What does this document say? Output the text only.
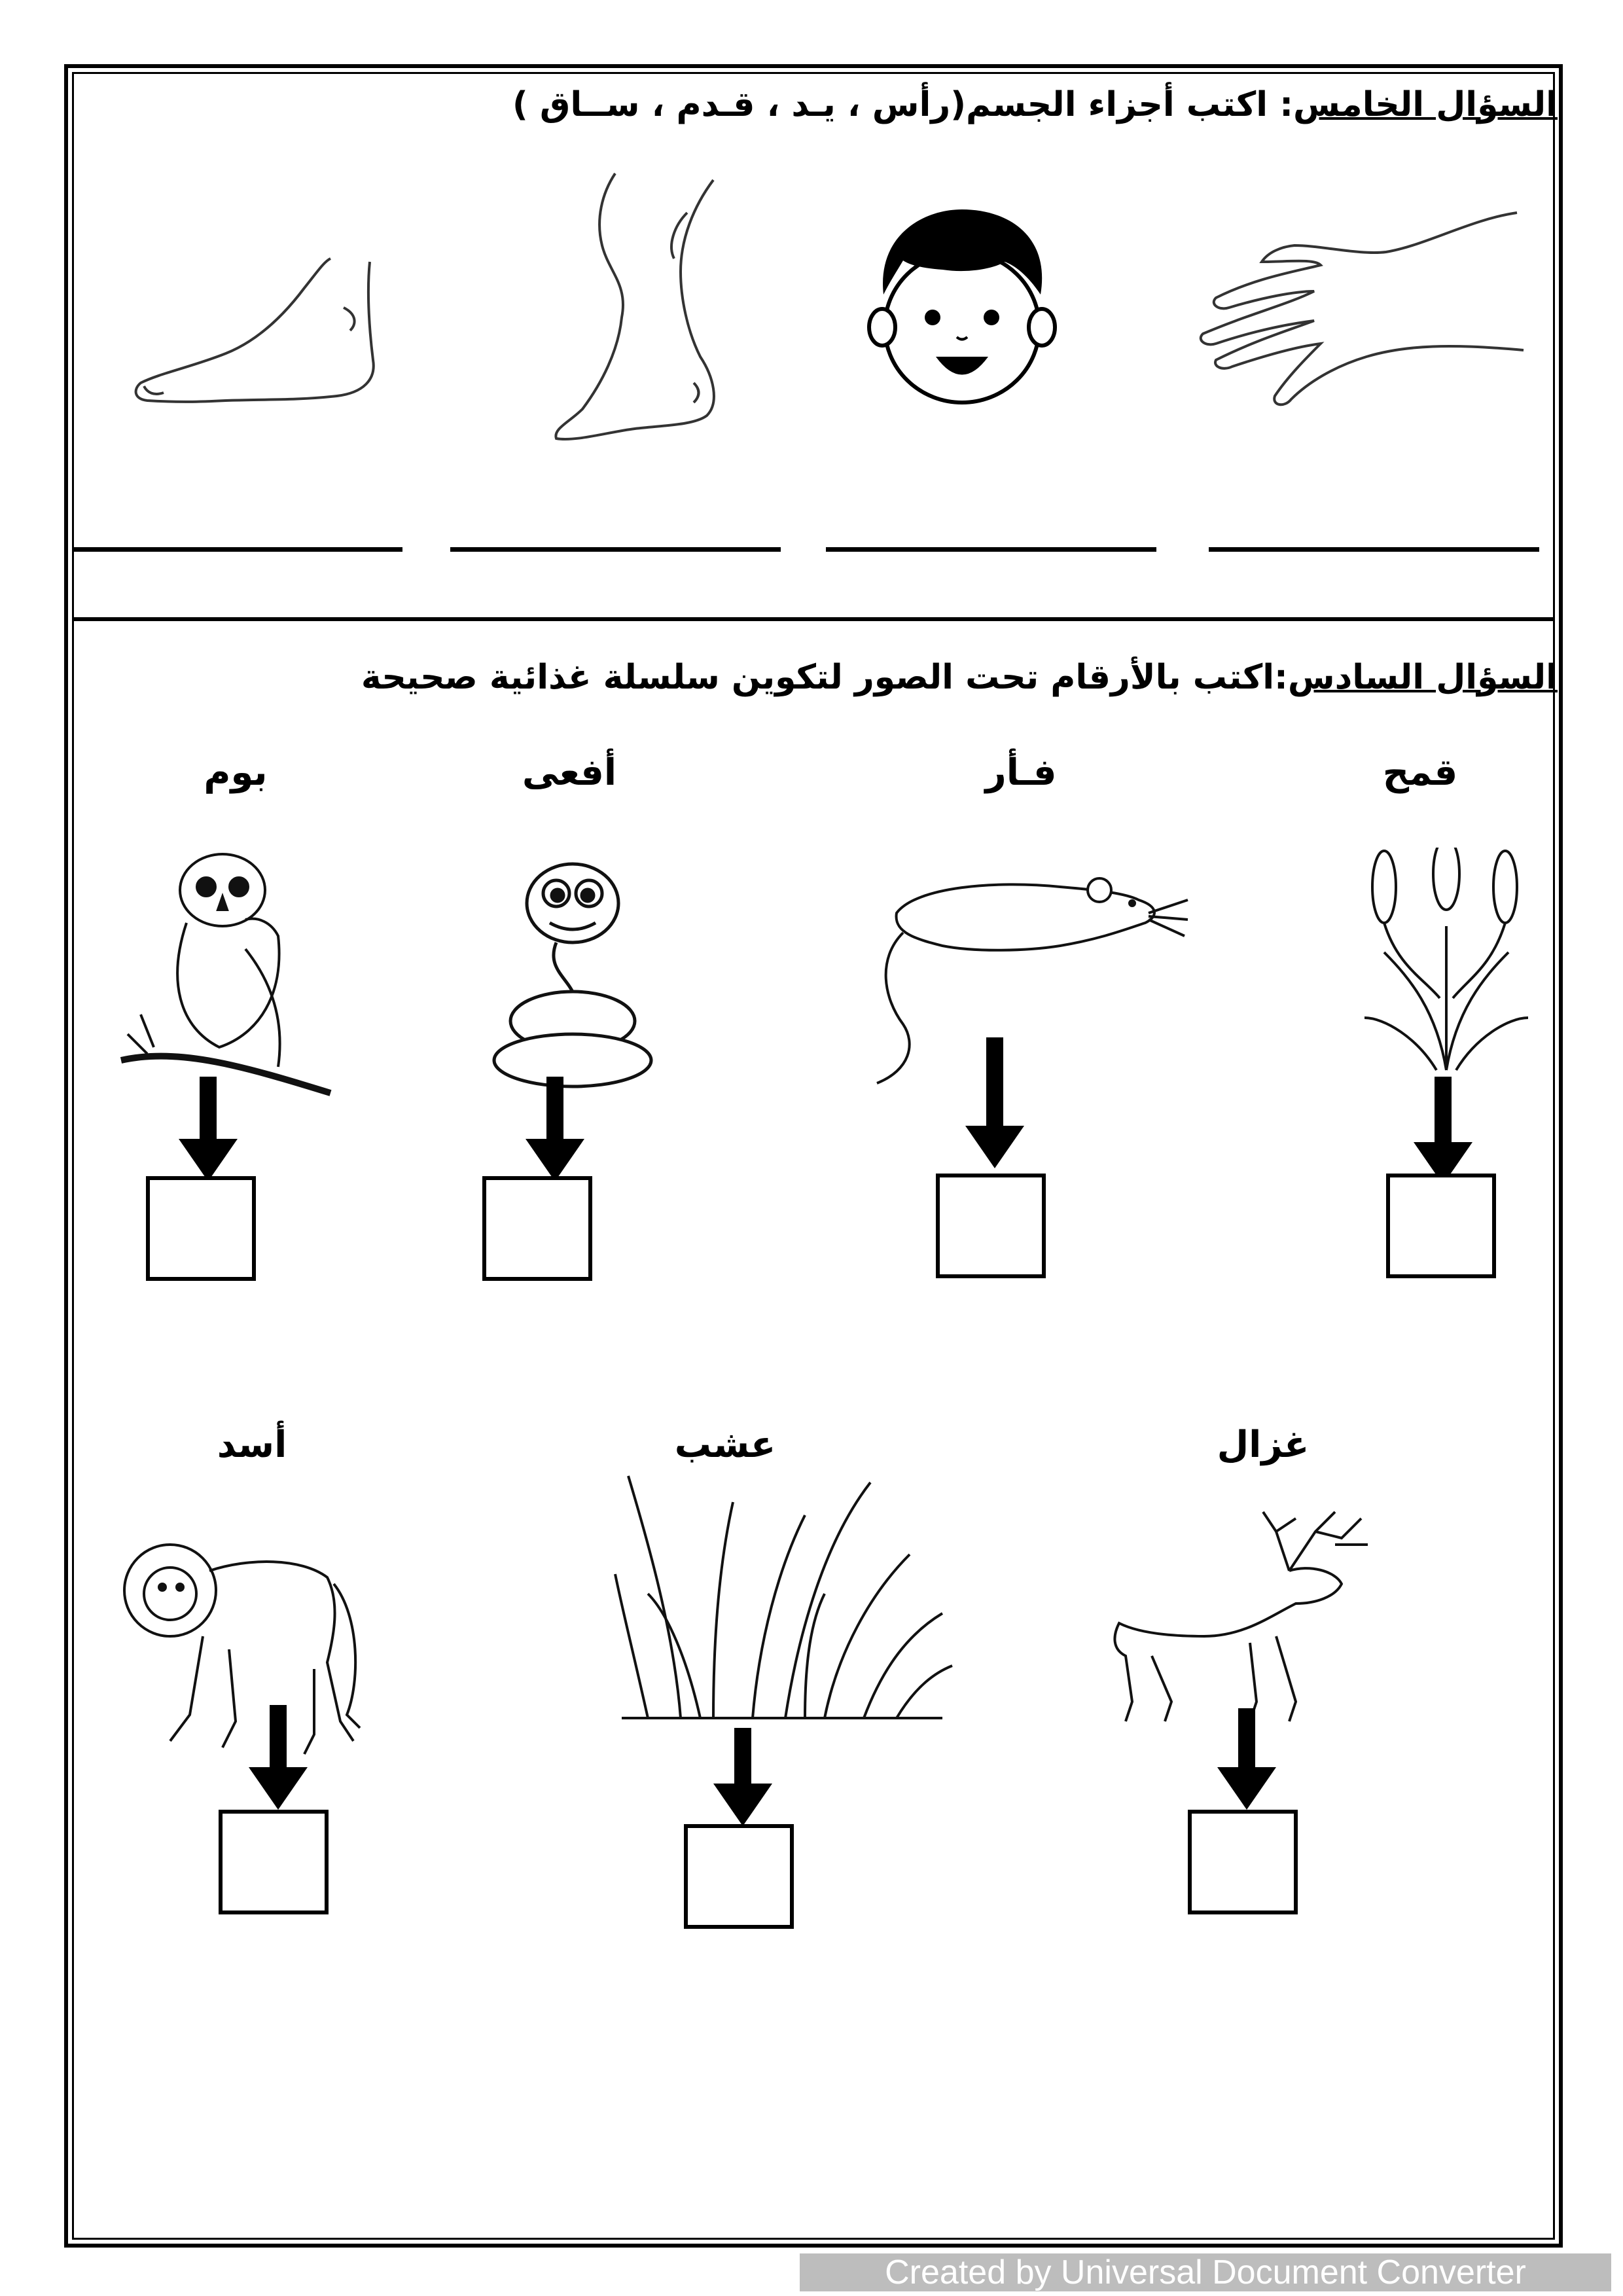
السؤال الخامس: اكتب أجزاء الجسم(رأس ، يـد ، قـدم ، ســاق )
السؤال السادس:اكتب بالأرقام تحت الصور لتكوين سلسلة غذائية صحيحة
قمح
فـأر
أفعى
بوم
غزال
عشب
أسد
Created by Universal Document Converter
